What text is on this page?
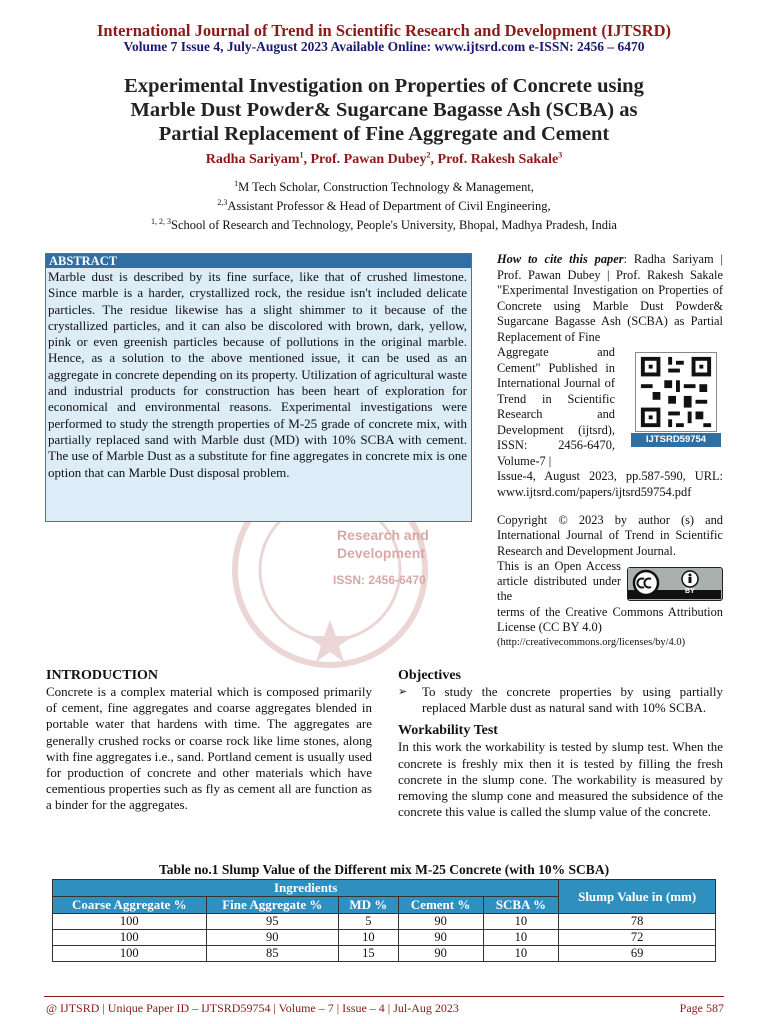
International Journal of Trend in Scientific Research and Development (IJTSRD)
Volume 7 Issue 4, July-August 2023 Available Online: www.ijtsrd.com e-ISSN: 2456 – 6470
Experimental Investigation on Properties of Concrete using
Marble Dust Powder& Sugarcane Bagasse Ash (SCBA) as
Partial Replacement of Fine Aggregate and Cement
Radha Sariyam$^1$, Prof. Pawan Dubey$^2$, Prof. Rakesh Sakale$^3$
$^1$M Tech Scholar, Construction Technology & Management,
$^{2,3}$Assistant Professor & Head of Department of Civil Engineering,
$^{1, 2, 3}$School of Research and Technology, People's University, Bhopal, Madhya Pradesh, India
Research and
Development
ISSN: 2456-6470
ABSTRACT
Marble dust is described by its fine surface, like that of crushed limestone. Since marble is a harder, crystallized rock, the residue isn't included delicate particles. The residue likewise has a slight shimmer to it because of the crystallized particles, and it can also be discolored with brown, dark, yellow, pink or even greenish particles because of pollutions in the original marble. Hence, as a solution to the above mentioned issue, it can be used as an aggregate in concrete depending on its property. Utilization of agricultural waste and industrial products for construction has been heart of exploration for economical and environmental reasons. Experimental investigations were performed to study the strength properties of M-25 grade of concrete mix, with partially replaced sand with Marble dust (MD) with 10% SCBA with cement. The use of Marble Dust as a substitute for fine aggregates in concrete mix is one option that can Marble Dust disposal problem.
How to cite this paper: Radha Sariyam | Prof. Pawan Dubey | Prof. Rakesh Sakale "Experimental Investigation on Properties of Concrete using Marble Dust Powder& Sugarcane Bagasse Ash (SCBA) as Partial Replacement of Fine
Aggregate and Cement" Published in International Journal of Trend in Scientific Research and Development (ijtsrd), ISSN: 2456-6470, Volume-7 |
Issue-4, August 2023, pp.587-590, URL: www.ijtsrd.com/papers/ijtsrd59754.pdf
IJTSRD59754
Copyright © 2023 by author (s) and International Journal of Trend in Scientific Research and Development Journal.
This is an Open Access article distributed under the
terms of the Creative Commons Attribution License (CC BY 4.0)
(http://creativecommons.org/licenses/by/4.0)
BY
INTRODUCTION
Concrete is a complex material which is composed primarily of cement, fine aggregates and coarse aggregates blended in portable water that hardens with time. The aggregates are generally crushed rocks or coarse rock like lime stones, along with fine aggregates i.e., sand. Portland cement is usually used for production of concrete and other materials which have cementious properties such as fly as cement all are function as a binder for the aggregates.
Objectives
➢	To study the concrete properties by using partially replaced Marble dust as natural sand with 10% SCBA.
Workability Test
In this work the workability is tested by slump test. When the concrete is freshly mix then it is tested by filling the fresh concrete in the slump cone. The workability is measured by removing the slump cone and measured the subsidence of the concrete this value is called the slump value of the concrete.
Table no.1 Slump Value of the Different mix M-25 Concrete (with 10% SCBA)
Ingredients					Slump Value in (mm)
Coarse Aggregate %	Fine Aggregate %	MD %	Cement %	SCBA %	
100	95	5	90	10	78
100	90	10	90	10	72
100	85	15	90	10	69
@ IJTSRD | Unique Paper ID – IJTSRD59754 | Volume – 7 | Issue – 4 | Jul-Aug 2023	Page 587
